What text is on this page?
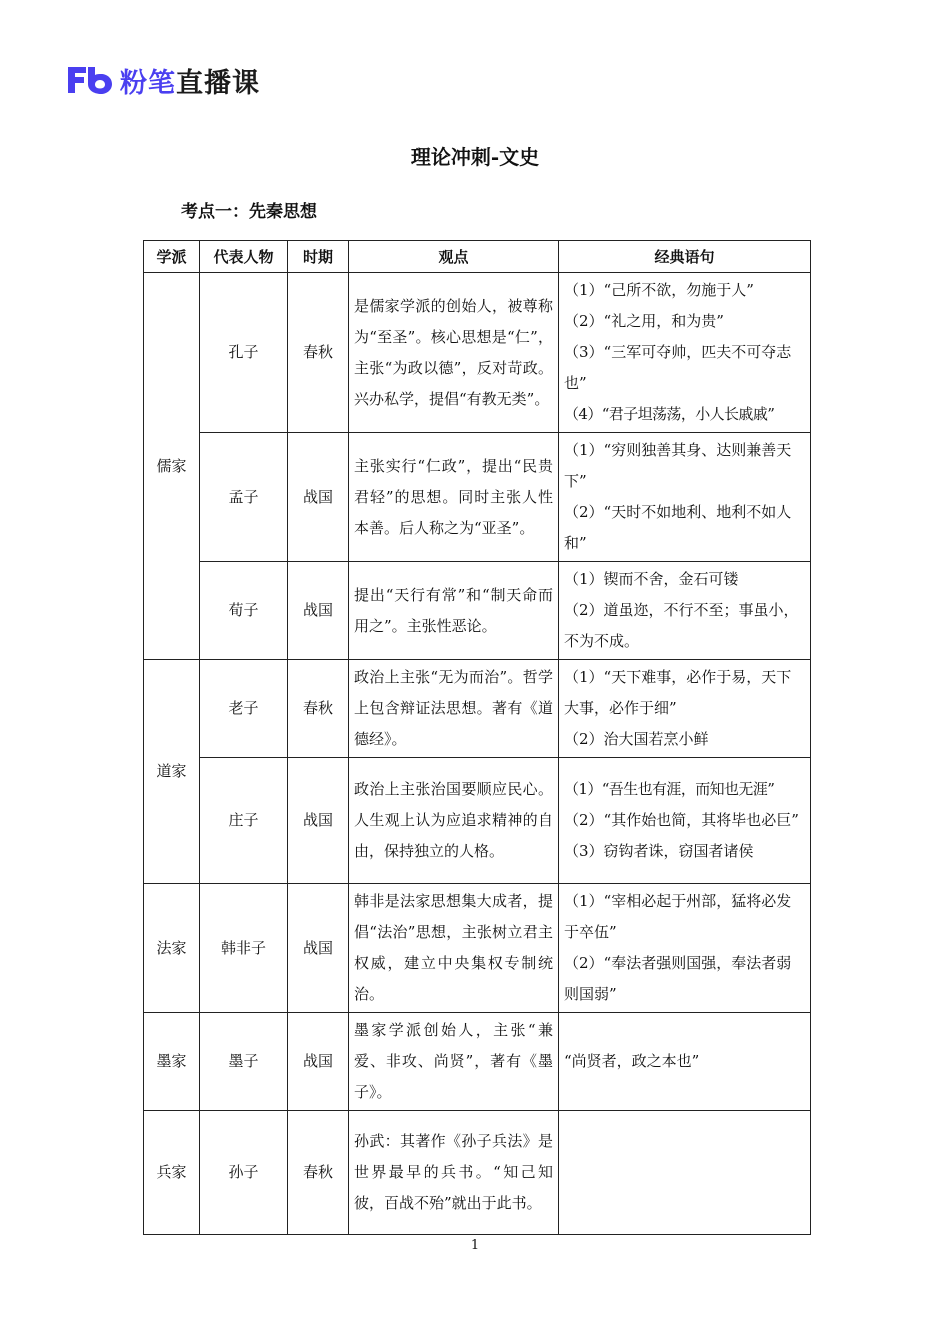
粉笔直播课
理论冲刺-文史
考点一：先秦思想
学派	代表人物	时期	观点	经典语句
儒家	孔子	春秋	是儒家学派的创始人，被尊称为“至圣”。核心思想是“仁”，主张“为政以德”，反对苛政。兴办私学，提倡“有教无类”。	（1）“己所不欲，勿施于人”
（2）“礼之用，和为贵”
（3）“三军可夺帅，匹夫不可夺志也”
（4）“君子坦荡荡，小人长戚戚”

	孟子	战国	主张实行“仁政”，提出“民贵君轻”的思想。同时主张人性本善。后人称之为“亚圣”。	（1）“穷则独善其身、达则兼善天下”
（2）“天时不如地利、地利不如人和”

	荀子	战国	提出“天行有常”和“制天命而用之”。主张性恶论。	（1）锲而不舍，金石可镂
（2）道虽迩，不行不至；事虽小，不为不成。

道家	老子	春秋	政治上主张“无为而治”。哲学上包含辩证法思想。著有《道德经》。	（1）“天下难事，必作于易，天下大事，必作于细”
（2）治大国若烹小鲜

	庄子	战国	政治上主张治国要顺应民心。人生观上认为应追求精神的自由，保持独立的人格。	（1）“吾生也有涯，而知也无涯”
（2）“其作始也简，其将毕也必巨”
（3）窃钩者诛，窃国者诸侯

法家	韩非子	战国	韩非是法家思想集大成者，提倡“法治”思想，主张树立君主权威，建立中央集权专制统治。	（1）“宰相必起于州部，猛将必发于卒伍”
（2）“奉法者强则国强，奉法者弱则国弱”

墨家	墨子	战国	墨家学派创始人，主张“兼爱、非攻、尚贤”，著有《墨子》。	“尚贤者，政之本也”

兵家	孙子	春秋	孙武：其著作《孙子兵法》是世界最早的兵书。“知己知彼，百战不殆”就出于此书。	
1
